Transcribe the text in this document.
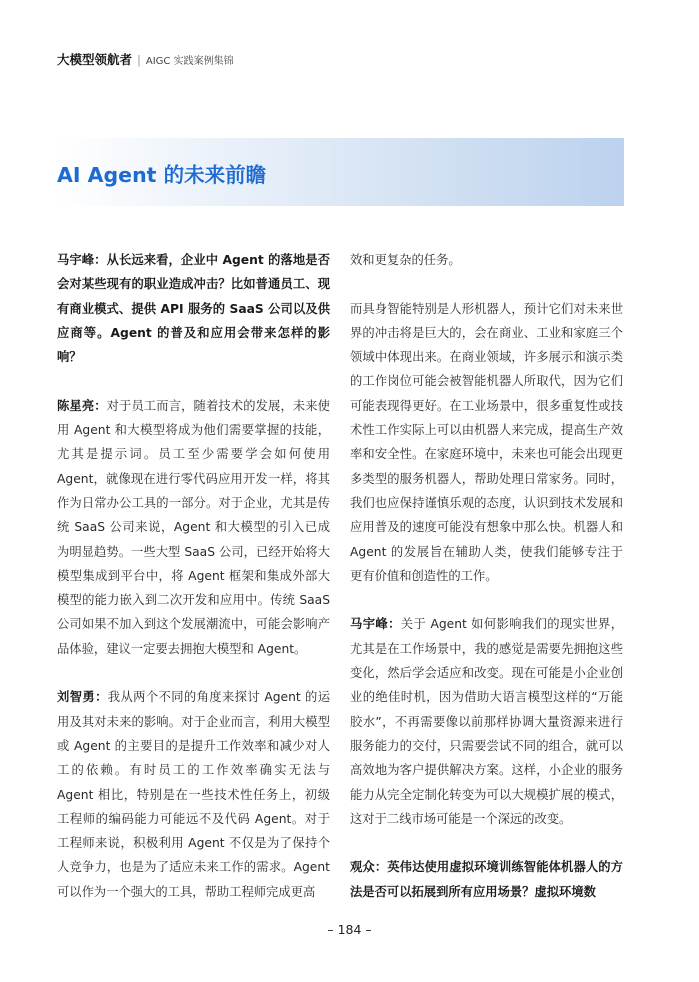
大模型领航者 | AIGC 实践案例集锦
AI Agent 的未来前瞻

马宇峰：从长远来看，企业中 Agent 的落地是否会对某些现有的职业造成冲击？比如普通员工、现有商业模式、提供 API 服务的 SaaS 公司以及供应商等。Agent 的普及和应用会带来怎样的影响？

陈星亮：对于员工而言，随着技术的发展，未来使用 Agent 和大模型将成为他们需要掌握的技能，尤其是提示词。员工至少需要学会如何使用 Agent，就像现在进行零代码应用开发一样，将其作为日常办公工具的一部分。对于企业，尤其是传统 SaaS 公司来说，Agent 和大模型的引入已成为明显趋势。一些大型 SaaS 公司，已经开始将大模型集成到平台中，将 Agent 框架和集成外部大模型的能力嵌入到二次开发和应用中。传统 SaaS 公司如果不加入到这个发展潮流中，可能会影响产品体验，建议一定要去拥抱大模型和 Agent。

刘智勇：我从两个不同的角度来探讨 Agent 的运用及其对未来的影响。对于企业而言，利用大模型或 Agent 的主要目的是提升工作效率和减少对人工的依赖。有时员工的工作效率确实无法与 Agent 相比，特别是在一些技术性任务上，初级工程师的编码能力可能远不及代码 Agent。对于工程师来说，积极利用 Agent 不仅是为了保持个人竞争力，也是为了适应未来工作的需求。Agent 可以作为一个强大的工具，帮助工程师完成更高

效和更复杂的任务。

而具身智能特别是人形机器人，预计它们对未来世界的冲击将是巨大的，会在商业、工业和家庭三个领域中体现出来。在商业领域，许多展示和演示类的工作岗位可能会被智能机器人所取代，因为它们可能表现得更好。在工业场景中，很多重复性或技术性工作实际上可以由机器人来完成，提高生产效率和安全性。在家庭环境中，未来也可能会出现更多类型的服务机器人，帮助处理日常家务。同时，我们也应保持谨慎乐观的态度，认识到技术发展和应用普及的速度可能没有想象中那么快。机器人和 Agent 的发展旨在辅助人类，使我们能够专注于更有价值和创造性的工作。

马宇峰：关于 Agent 如何影响我们的现实世界，尤其是在工作场景中，我的感觉是需要先拥抱这些变化，然后学会适应和改变。现在可能是小企业创业的绝佳时机，因为借助大语言模型这样的“万能胶水”，不再需要像以前那样协调大量资源来进行服务能力的交付，只需要尝试不同的组合，就可以高效地为客户提供解决方案。这样，小企业的服务能力从完全定制化转变为可以大规模扩展的模式，这对于二线市场可能是一个深远的改变。

观众：英伟达使用虚拟环境训练智能体机器人的方法是否可以拓展到所有应用场景？虚拟环境数

– 184 –
